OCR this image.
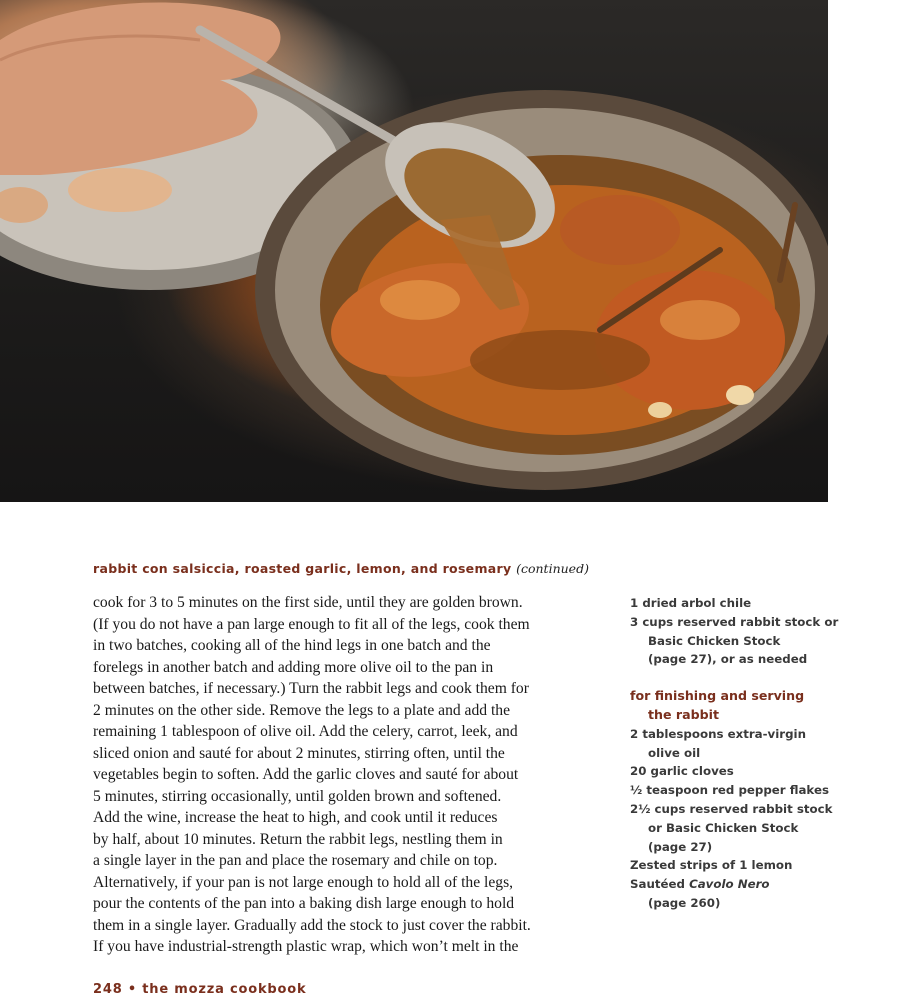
rabbit con salsiccia, roasted garlic, lemon, and rosemary (continued)
cook for 3 to 5 minutes on the first side, until they are golden brown.
(If you do not have a pan large enough to fit all of the legs, cook them
in two batches, cooking all of the hind legs in one batch and the
forelegs in another batch and adding more olive oil to the pan in
between batches, if necessary.) Turn the rabbit legs and cook them for
2 minutes on the other side. Remove the legs to a plate and add the
remaining 1 tablespoon of olive oil. Add the celery, carrot, leek, and
sliced onion and sauté for about 2 minutes, stirring often, until the
vegetables begin to soften. Add the garlic cloves and sauté for about
5 minutes, stirring occasionally, until golden brown and softened.
Add the wine, increase the heat to high, and cook until it reduces
by half, about 10 minutes. Return the rabbit legs, nestling them in
a single layer in the pan and place the rosemary and chile on top.
Alternatively, if your pan is not large enough to hold all of the legs,
pour the contents of the pan into a baking dish large enough to hold
them in a single layer. Gradually add the stock to just cover the rabbit.
If you have industrial-strength plastic wrap, which won’t melt in the
1 dried arbol chile
3 cups reserved rabbit stock or
Basic Chicken Stock
(page 27), or as needed
for finishing and serving
the rabbit
2 tablespoons extra-virgin
olive oil
20 garlic cloves
½ teaspoon red pepper flakes
2½ cups reserved rabbit stock
or Basic Chicken Stock
(page 27)
Zested strips of 1 lemon
Sautéed Cavolo Nero
(page 260)
248 • the mozza cookbook
